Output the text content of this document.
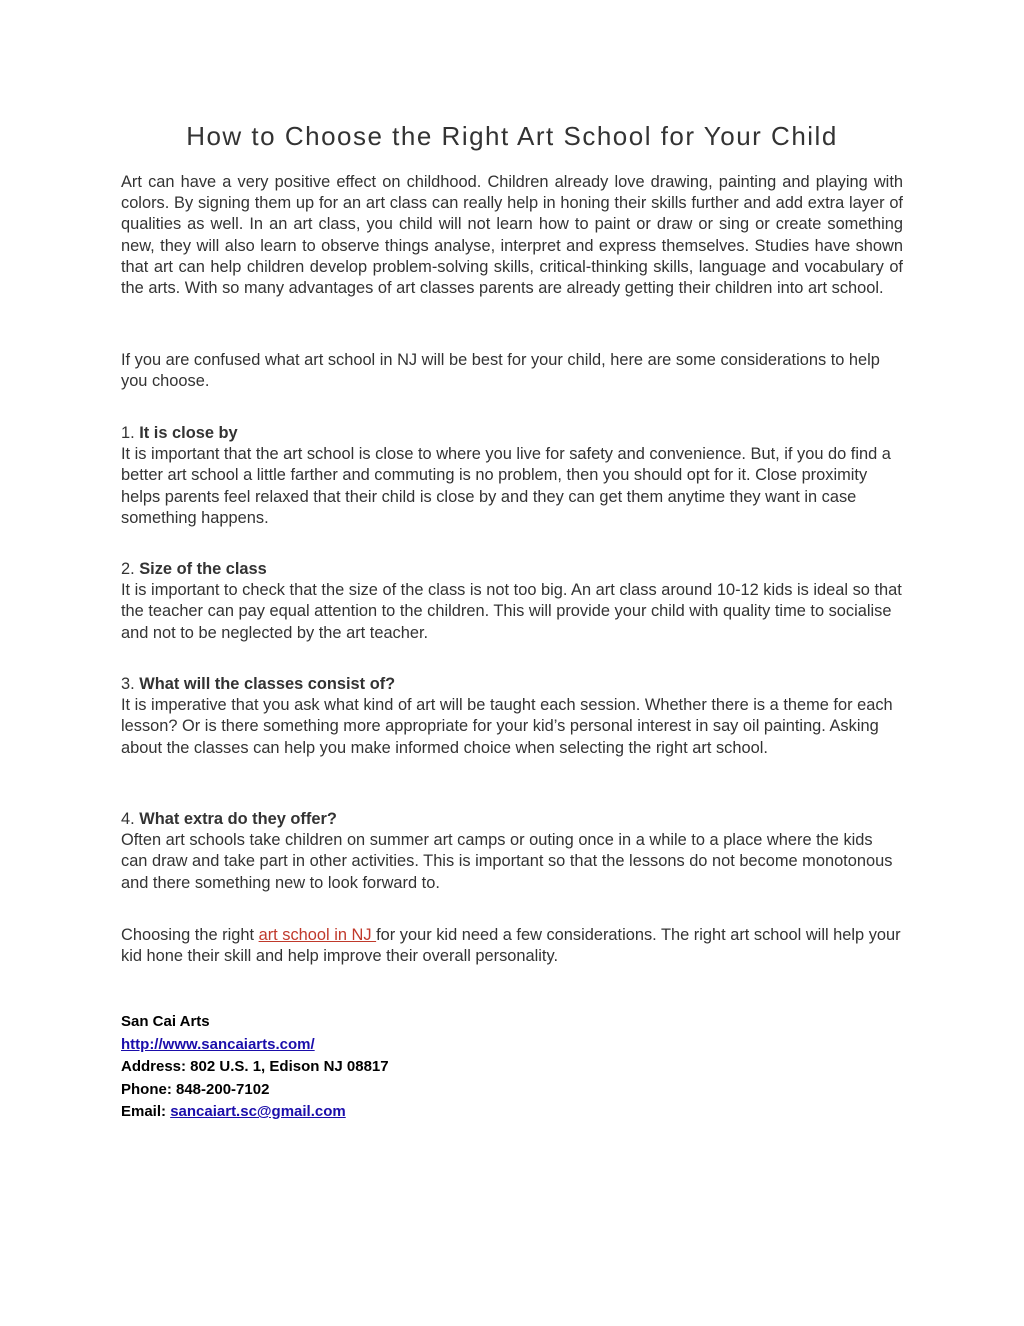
How to Choose the Right Art School for Your Child

Art can have a very positive effect on childhood. Children already love drawing, painting and playing with colors. By signing them up for an art class can really help in honing their skills further and add extra layer of qualities as well. In an art class, you child will not learn how to paint or draw or sing or create something new, they will also learn to observe things analyse, interpret and express themselves. Studies have shown that art can help children develop problem-solving skills, critical-thinking skills, language and vocabulary of the arts. With so many advantages of art classes parents are already getting their children into art school.

If you are confused what art school in NJ will be best for your child, here are some considerations to help you choose.

1. It is close by
It is important that the art school is close to where you live for safety and convenience. But, if you do find a better art school a little farther and commuting is no problem, then you should opt for it. Close proximity helps parents feel relaxed that their child is close by and they can get them anytime they want in case something happens.
2. Size of the class
It is important to check that the size of the class is not too big. An art class around 10-12 kids is ideal so that the teacher can pay equal attention to the children. This will provide your child with quality time to socialise and not to be neglected by the art teacher.
3. What will the classes consist of?
It is imperative that you ask what kind of art will be taught each session. Whether there is a theme for each lesson? Or is there something more appropriate for your kid’s personal interest in say oil painting. Asking about the classes can help you make informed choice when selecting the right art school.
4. What extra do they offer?
Often art schools take children on summer art camps or outing once in a while to a place where the kids can draw and take part in other activities. This is important so that the lessons do not become monotonous and there something new to look forward to.

Choosing the right art school in NJ for your kid need a few considerations. The right art school will help your kid hone their skill and help improve their overall personality.

San Cai Arts
http://www.sancaiarts.com/
Address: 802 U.S. 1, Edison NJ 08817
Phone: 848-200-7102
Email: sancaiart.sc@gmail.com
